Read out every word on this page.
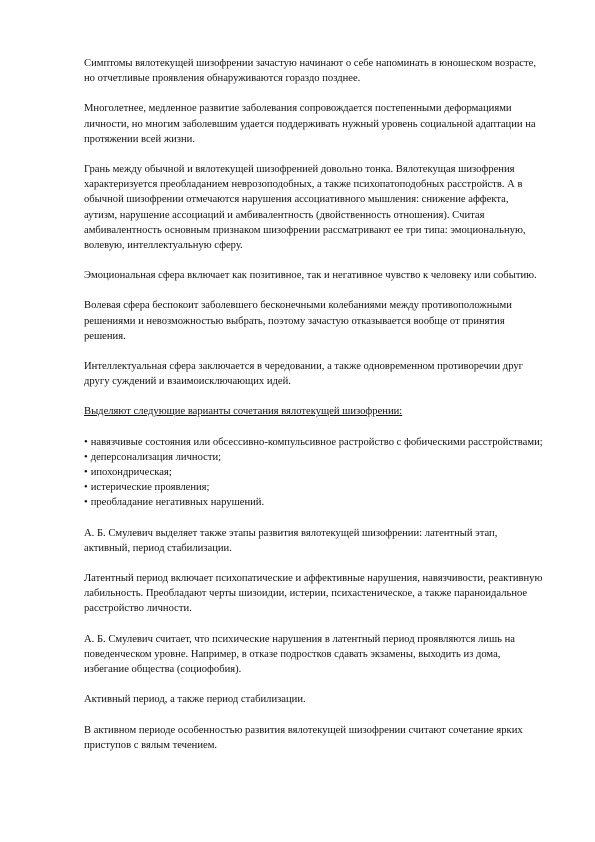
Симптомы вялотекущей шизофрении зачастую начинают о себе напоминать в юношеском возрасте, но отчетливые проявления обнаруживаются гораздо позднее.

Многолетнее, медленное развитие заболевания сопровождается постепенными деформациями личности, но многим заболевшим удается поддерживать нужный уровень социальной адаптации на протяжении всей жизни.

Грань между обычной и вялотекущей шизофренией довольно тонка. Вялотекущая шизофрения характеризуется преобладанием неврозоподобных, а также психопатоподобных расстройств. А в обычной шизофрении отмечаются нарушения ассоциативного мышления: снижение аффекта, аутизм, нарушение ассоциаций и амбивалентность (двойственность отношения). Считая амбивалентность основным признаком шизофрении рассматривают ее три типа: эмоциональную, волевую, интеллектуальную сферу.

Эмоциональная сфера включает как позитивное, так и негативное чувство к человеку или событию.

Волевая сфера беспокоит заболевшего бесконечными колебаниями между противоположными решениями и невозможностью выбрать, поэтому зачастую отказывается вообще от принятия решения.

Интеллектуальная сфера заключается в чередовании, а также одновременном противоречии друг другу суждений и взаимоисключающих идей.

Выделяют следующие варианты сочетания вялотекущей шизофрении:

•навязчивые состояния или обсессивно-компульсивное растройство с фобическими расстройствами;
•деперсонализация личности;
•ипохондрическая;
•истерические проявления;
•преобладание негативных нарушений.

А. Б. Смулевич выделяет также этапы развития вялотекущей шизофрении: латентный этап, активный, период стабилизации.

Латентный период включает психопатические и аффективные нарушения, навязчивости, реактивную лабильность. Преобладают черты шизоидии, истерии, психастеническое, а также параноидальное расстройство личности.

А. Б. Смулевич считает, что психические нарушения в латентный период проявляются лишь на поведенческом уровне. Например, в отказе подростков сдавать экзамены, выходить из дома, избегание общества (социофобия).

Активный период, а также период стабилизации.

В активном периоде особенностью развития вялотекущей шизофрении считают сочетание ярких приступов с вялым течением.
